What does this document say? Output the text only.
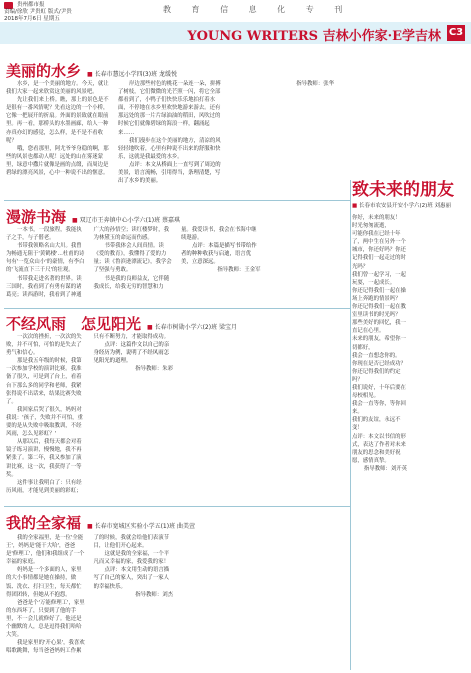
贵州都市报
责编/徐欣 尹贵虹 版式/尹贵
2018年7月6日 星期五
教 育 信 息 化 专 刊
YOUNG WRITERS 吉林小作家·E学吉林 C3
美丽的水乡 ■ 长春市慧远小学四(3)班 龙缓悦

水乡，是一个美丽的地方。今天，就让我们大家一起来欣赏这美丽的风景吧。

先让我们来上桥。瞧，那上的景色是不是很有一番风情呢？先看这边的一个小桥，它像一把展开的折扇。外面的景致就在眼前里。再一看，那桥头的水墨画廊，给人一种亦真亦幻的感觉，怎么样，是不是不看收呢？

哦，您看那里，阿尤爷爷身稳的啊，那些的风景也都动人呢！远处的山在雾迷蒙里，绿意中撒片就像是画的点缀，而周边是碧绿的漂亮风景，心中一种说不出的惬意。

岸边那些村色的桃花一朵连一朵，拼搏了树枝，它们微微的光芒照一闪，将它全部都看到了，小鸭子们快快乐乐地拍打着水面，不停地在水乡里欢快地游来游去。还有那远处的那一片片绿油油的稻田，风吹过的时候它们就像碧绿的海浪一样，翻涌起来……

我们漫步在这个美丽的地方，清凉的风轻轻地吹着，心里有种说不出来的舒服和快乐，这就是我最爱的水乡。

点评：本文从桥面上一直写到了周边的美景，语言流畅，引用得当，条理清楚，写出了水乡的美丽。

指导教师：张华

漫游书海 ■ 双辽市王奔镇中心小学六(1)班 蔡嘉琪

一本书，一段旅程，我能执子之手，与子偕老。

书带我领略名山大川。我曾为畅通无阻于'黄鹤楼'…杜甫的诗句有'一览众山小'的豪情，有李白的'飞流直下三千尺'的壮观。

书带我走进名著的世界。读三国时，我看到了有勇有谋的诸葛亮；读西游时，我看到了神通广大的孙悟空；读红楼梦时，我为林黛玉的命运而伤感。

书带我体会人间真情。读《爱的教育》，我懂得了爱的力量；读《鲁滨逊漂流记》，我学会了坚强与勇敢。

书是我的良师益友，它伴随我成长，给我无穷的智慧和力量。我爱读书，我会在书海中继续遨游。

点评：本篇是描写书带给作者的种种收获与启迪，语言优美，立意深远。

指导教师：王金军

不经风雨　怎见阳光 ■ 长春市树勋小学六(2)班 梁宝月

一次次的挫折，一次次的失败，并不可怕，可怕的是失去了勇气和信心。

那是我五年级的时候，我第一次参加学校的演讲比赛。我准备了很久，可是到了台上，看着台下那么多的同学和老师，我紧张得说不出话来，结果比赛失败了。

我回家后哭了很久，妈妈对我说：'孩子，失败并不可怕，重要的是从失败中吸取教训，不经风雨，怎么见彩虹？'

从那以后，我每天都会对着镜子练习演讲，慢慢地，我不再紧张了。第二年，我又参加了演讲比赛，这一次，我获得了一等奖。

这件事让我明白了：只有经历风雨，才能见到美丽的彩虹；只有不断努力，才能取得成功。

点评：这篇作文以自己的亲身经历为例，说明了不经风雨怎见阳光的道理。

指导教师：朱彩

我的全家福 ■ 长春市宽城区实验小学五(1)班 曲美萱

我的全家福里，是一位'全能王'，妈妈是'能干大哈'，爸爸是'修理工'，他们和我组成了一个幸福的家庭。

妈妈是一个多面的人，家里的大小事情都是她在操持，做饭、洗衣、打扫卫生，每天都忙得团团转，但她从不抱怨。

爸爸是个'万能修理工'，家里的东西坏了，只要到了他的手里，不一会儿就修好了。他还是个幽默的人，总是逗得我们哈哈大笑。

我是家里的'开心果'，我喜欢唱歌跳舞，每当爸爸妈妈工作累了的时候，我就会给他们表演节目，让他们开心起来。

这就是我的全家福，一个平凡而又幸福的家，我爱我的家！

点评：本文用生动的语言描写了自己的家人，突出了一家人的幸福快乐。

指导教师：刘杰

致未来的朋友
■ 长春市农安县开安小学六(2)班 刘惠丽

你好，未来的朋友！

时光匆匆流逝，

可能你我在已经十年了，两中生在另外一个城市，你还好吗？你还记得我们一起走过的时光吗？

我们曾一起学习，一起玩耍，一起成长。

你还记得我们一起在操场上奔跑的情景吗？

你还记得我们一起在教室里读书的时光吗？

那些美好的回忆，我一直记在心里。

未来的朋友，希望你一切都好，

我会一直想念你的。

你现在是否已经成功？

你还记得我们的约定吗？

我们说好，十年后要在母校相见。

我会一直等你，等你回来。

我们的友谊，永远不变！

点评：本文以书信的形式，表达了作者对未来朋友的思念和美好祝愿，感情真挚。

指导教师：刘开英
